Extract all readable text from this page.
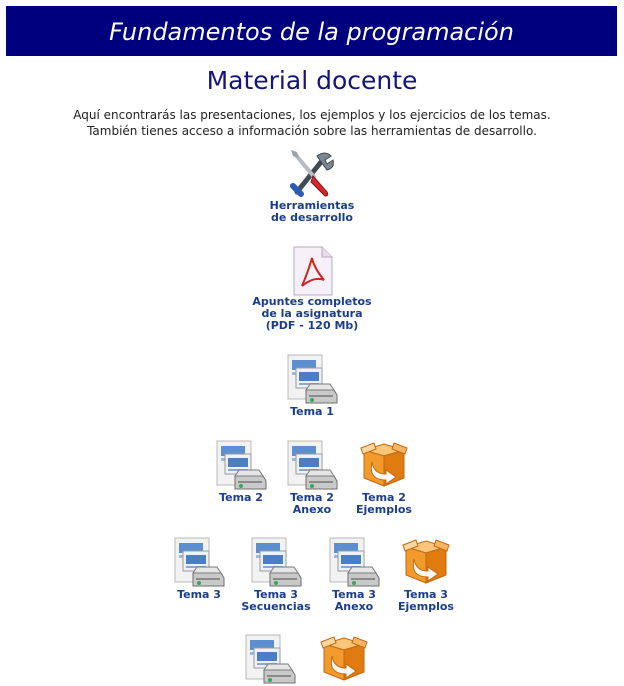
Fundamentos de la programación
Material docente
Aquí encontrarás las presentaciones, los ejemplos y los ejercicios de los temas.
También tienes acceso a información sobre las herramientas de desarrollo.
Herramientas
de desarrollo
Apuntes completos
de la asignatura
(PDF - 120 Mb)
Tema 1
Tema 2	Tema 2
Anexo
Tema 2
Ejemplos
Tema 3	Tema 3
Secuencias
Tema 3
Anexo
Tema 3
Ejemplos
